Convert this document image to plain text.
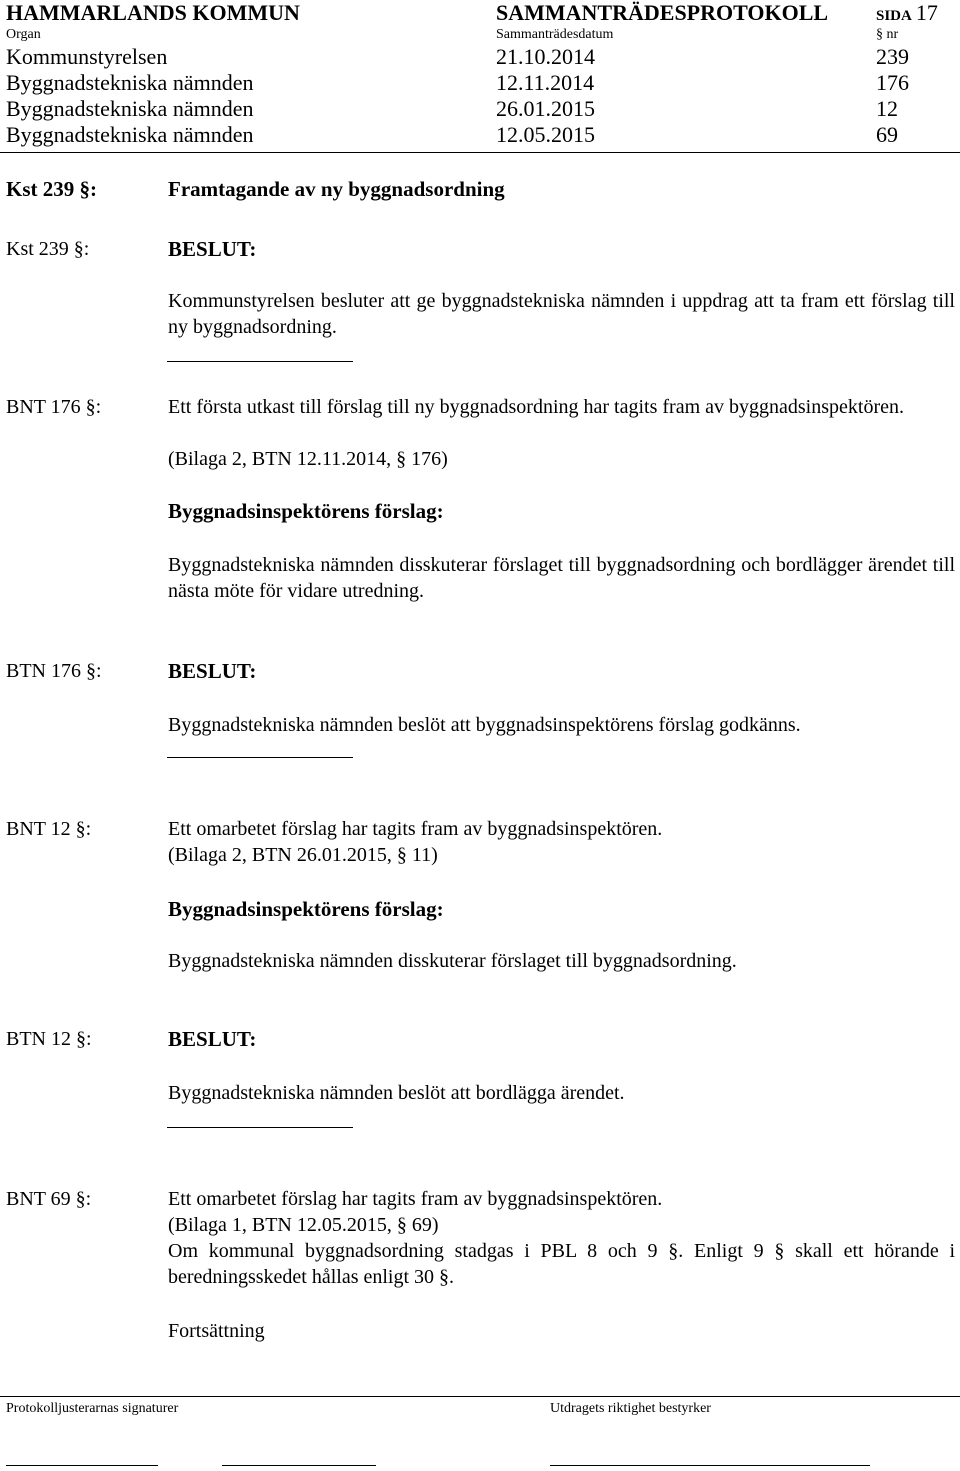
HAMMARLANDS KOMMUN	SAMMANTRÄDESPROTOKOLL	SIDA 17
Organ	Sammanträdesdatum	§ nr
Kommunstyrelsen	21.10.2014	239
Byggnadstekniska nämnden	12.11.2014	176
Byggnadstekniska nämnden	26.01.2015	12
Byggnadstekniska nämnden	12.05.2015	69
Kst 239 §:	Framtagande av ny byggnadsordning
Kst 239 §:	BESLUT:
Kommunstyrelsen besluter att ge byggnadstekniska nämnden i uppdrag att ta fram ett förslag till ny byggnadsordning.
BNT 176 §:	Ett första utkast till förslag till ny byggnadsordning har tagits fram av byggnadsinspektören.
(Bilaga 2, BTN 12.11.2014, § 176)
Byggnadsinspektörens förslag:
Byggnadstekniska nämnden disskuterar förslaget till byggnadsordning och bordlägger ärendet till nästa möte för vidare utredning.
BTN 176 §:	BESLUT:
Byggnadstekniska nämnden beslöt att byggnadsinspektörens förslag godkänns.
BNT 12 §:	Ett omarbetet förslag har tagits fram av byggnadsinspektören.
(Bilaga 2, BTN 26.01.2015, § 11)
Byggnadsinspektörens förslag:
Byggnadstekniska nämnden disskuterar förslaget till byggnadsordning.
BTN 12 §:	BESLUT:
Byggnadstekniska nämnden beslöt att bordlägga ärendet.
BNT 69 §:	Ett omarbetet förslag har tagits fram av byggnadsinspektören.
(Bilaga 1, BTN 12.05.2015, § 69)
Om kommunal byggnadsordning stadgas i PBL 8 och 9 §. Enligt 9 § skall ett hörande i beredningsskedet hållas enligt 30 §.
Fortsättning
Protokolljusterarnas signaturer	Utdragets riktighet bestyrker
